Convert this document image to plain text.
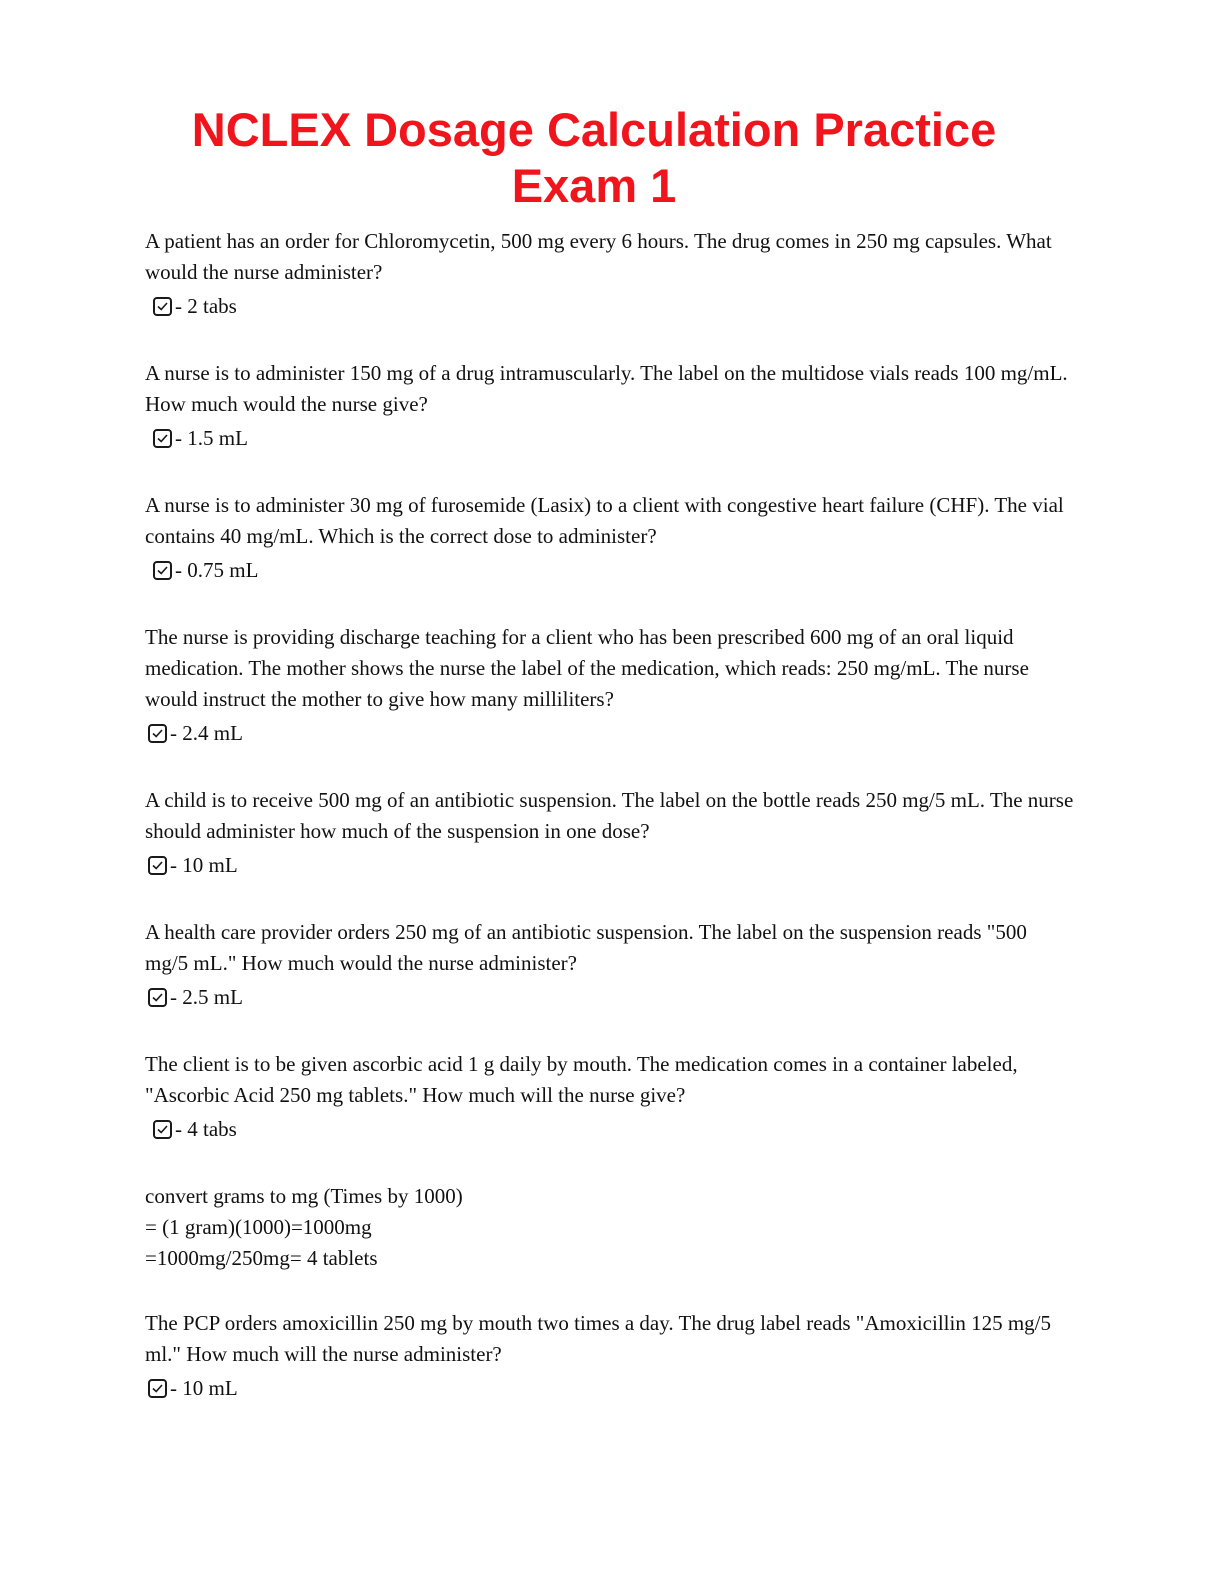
NCLEX Dosage Calculation Practice
Exam 1

A patient has an order for Chloromycetin, 500 mg every 6 hours. The drug comes in 250 mg capsules. What would the nurse administer?

- 2 tabs

A nurse is to administer 150 mg of a drug intramuscularly. The label on the multidose vials reads 100 mg/mL. How much would the nurse give?

- 1.5 mL

A nurse is to administer 30 mg of furosemide (Lasix) to a client with congestive heart failure (CHF). The vial contains 40 mg/mL. Which is the correct dose to administer?

- 0.75 mL

The nurse is providing discharge teaching for a client who has been prescribed 600 mg of an oral liquid medication. The mother shows the nurse the label of the medication, which reads: 250 mg/mL. The nurse would instruct the mother to give how many milliliters?

- 2.4 mL

A child is to receive 500 mg of an antibiotic suspension. The label on the bottle reads 250 mg/5 mL. The nurse should administer how much of the suspension in one dose?

- 10 mL

A health care provider orders 250 mg of an antibiotic suspension. The label on the suspension reads "500 mg/5 mL." How much would the nurse administer?

- 2.5 mL

The client is to be given ascorbic acid 1 g daily by mouth. The medication comes in a container labeled, "Ascorbic Acid 250 mg tablets." How much will the nurse give?

- 4 tabs

convert grams to mg (Times by 1000)

= (1 gram)(1000)=1000mg

=1000mg/250mg= 4 tablets

The PCP orders amoxicillin 250 mg by mouth two times a day. The drug label reads "Amoxicillin 125 mg/5 ml." How much will the nurse administer?

- 10 mL
